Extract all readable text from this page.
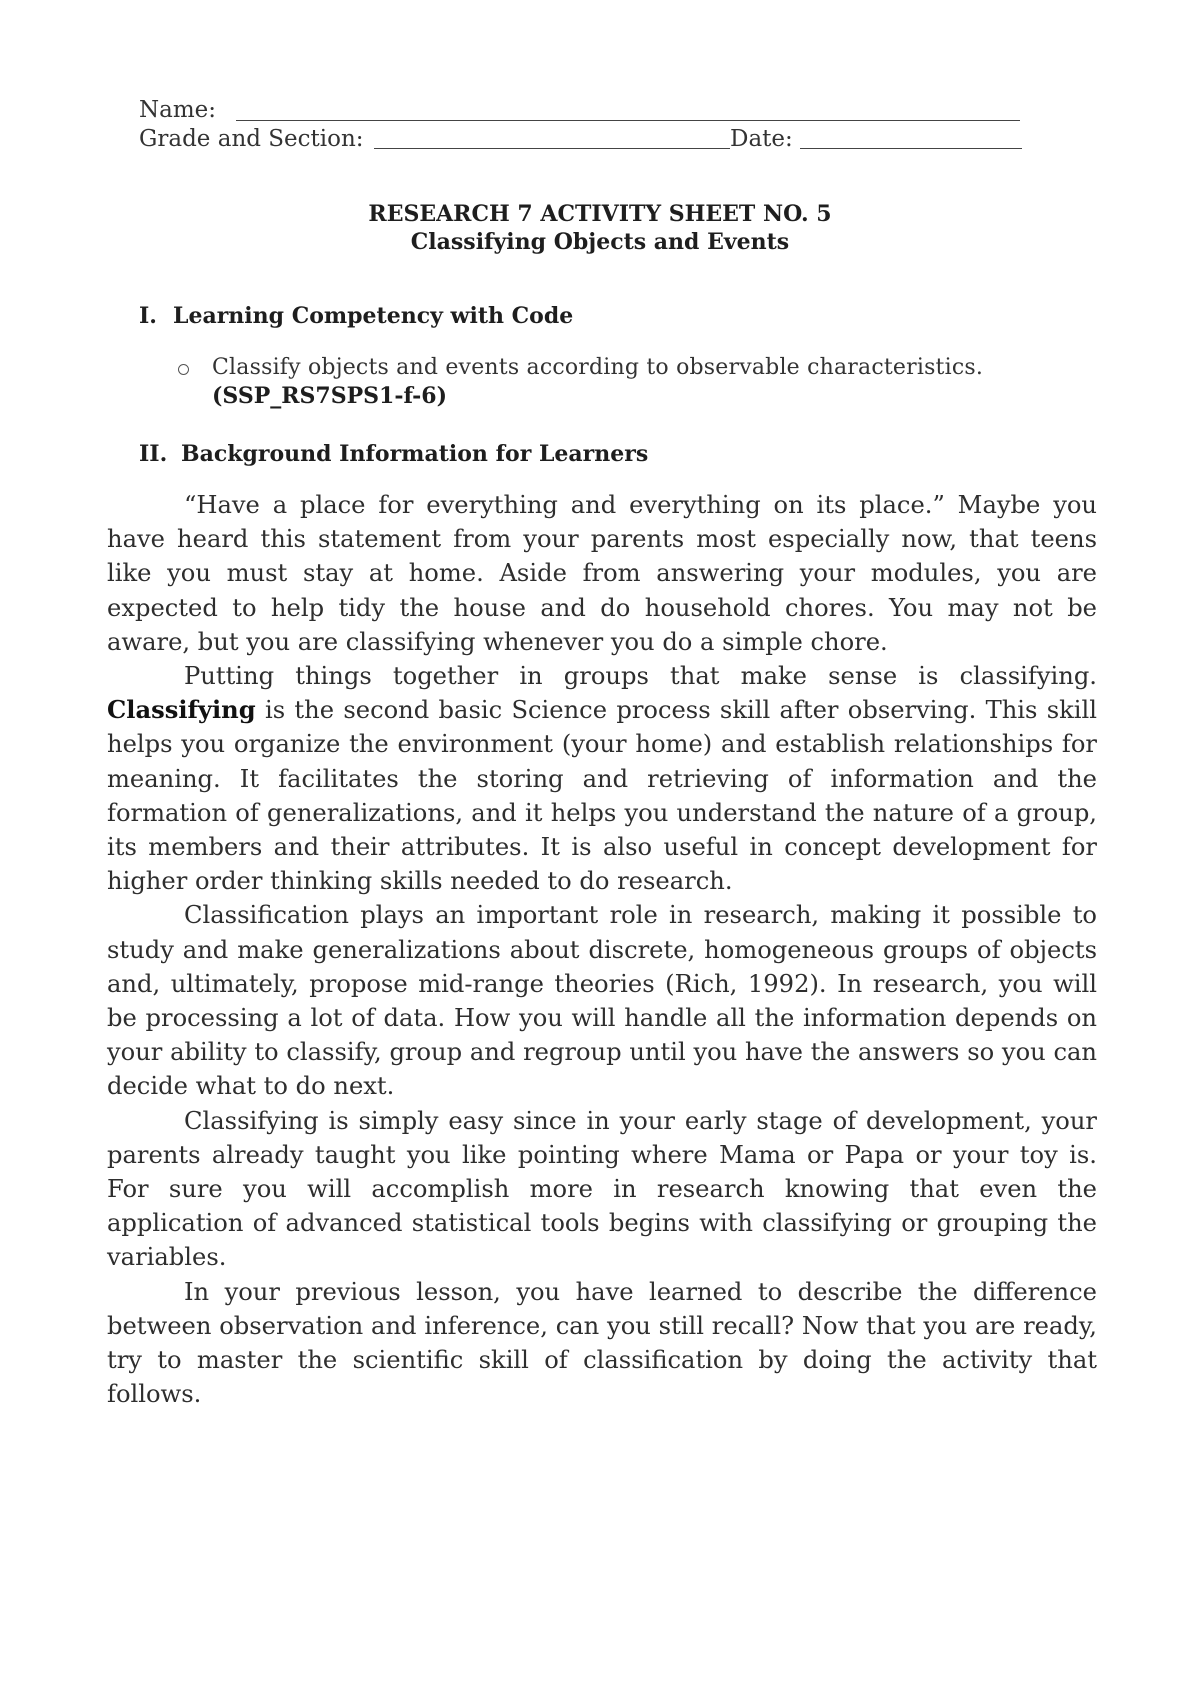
Name:
Grade and Section:	Date:
RESEARCH 7 ACTIVITY SHEET NO. 5
Classifying Objects and Events
I. Learning Competency with Code
Classify objects and events according to observable characteristics.
(SSP_RS7SPS1-f-6)
II. Background Information for Learners

“Have a place for everything and everything on its place.” Maybe you have heard this statement from your parents most especially now, that teens like you must stay at home. Aside from answering your modules, you are expected to help tidy the house and do household chores. You may not be aware, but you are classifying whenever you do a simple chore.

Putting things together in groups that make sense is classifying. Classifying is the second basic Science process skill after observing. This skill helps you organize the environment (your home) and establish relationships for meaning. It facilitates the storing and retrieving of information and the formation of generalizations, and it helps you understand the nature of a group, its members and their attributes. It is also useful in concept development for higher order thinking skills needed to do research.

Classification plays an important role in research, making it possible to study and make generalizations about discrete, homogeneous groups of objects and, ultimately, propose mid-range theories (Rich, 1992). In research, you will be processing a lot of data. How you will handle all the information depends on your ability to classify, group and regroup until you have the answers so you can decide what to do next.

Classifying is simply easy since in your early stage of development, your parents already taught you like pointing where Mama or Papa or your toy is. For sure you will accomplish more in research knowing that even the application of advanced statistical tools begins with classifying or grouping the variables.

In your previous lesson, you have learned to describe the difference between observation and inference, can you still recall? Now that you are ready, try to master the scientific skill of classification by doing the activity that follows.
